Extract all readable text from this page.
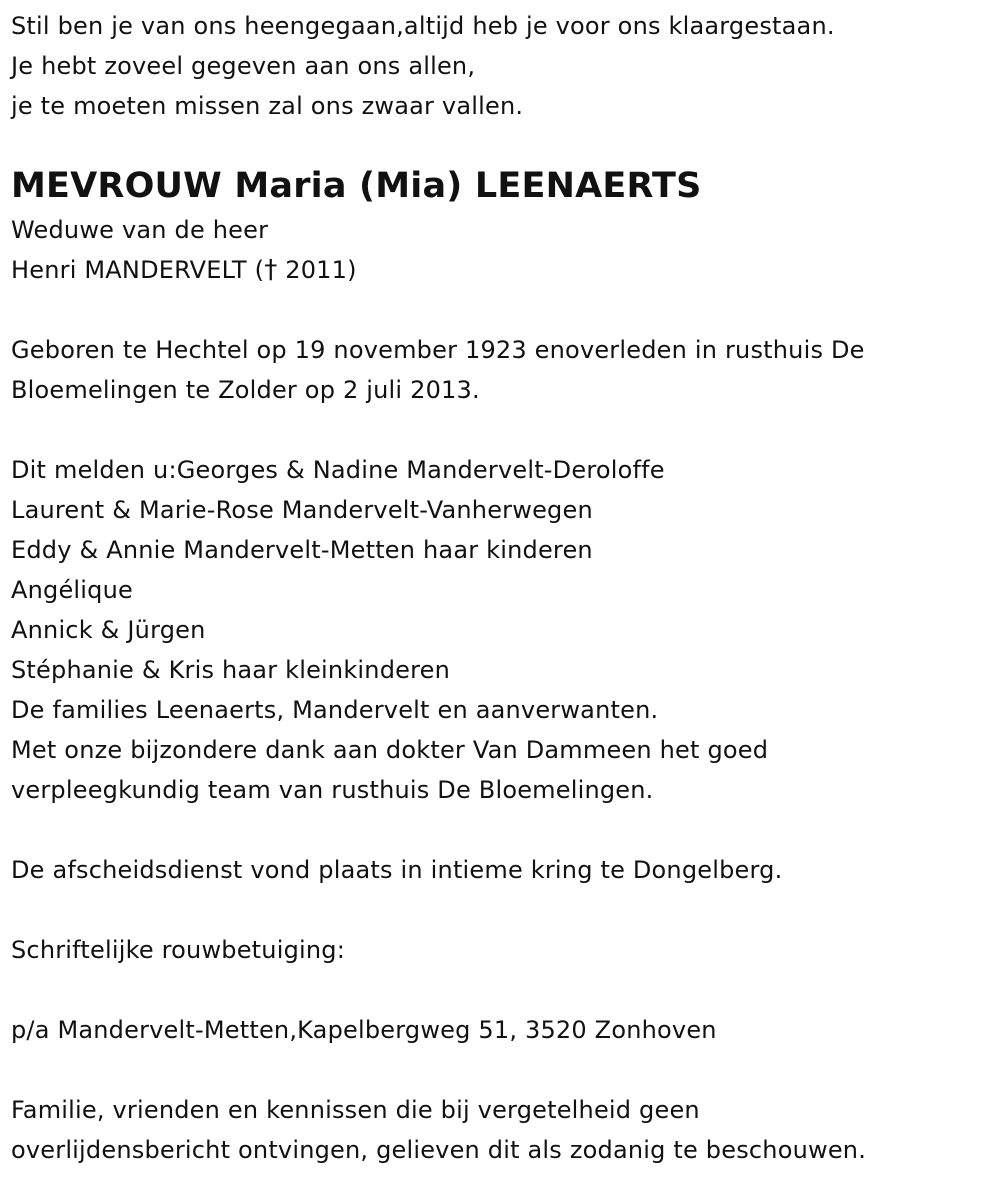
Stil ben je van ons heengegaan,altijd heb je voor ons klaargestaan.
Je hebt zoveel gegeven aan ons allen,
je te moeten missen zal ons zwaar vallen.
MEVROUW Maria (Mia) LEENAERTS
Weduwe van de heer
Henri MANDERVELT († 2011)
Geboren te Hechtel op 19 november 1923 enoverleden in rusthuis De
Bloemelingen te Zolder op 2 juli 2013.
Dit melden u:Georges & Nadine Mandervelt-Deroloffe
Laurent & Marie-Rose Mandervelt-Vanherwegen
Eddy & Annie Mandervelt-Metten haar kinderen
Angélique
Annick & Jürgen
Stéphanie & Kris haar kleinkinderen
De families Leenaerts, Mandervelt en aanverwanten.
Met onze bijzondere dank aan dokter Van Dammeen het goed
verpleegkundig team van rusthuis De Bloemelingen.
De afscheidsdienst vond plaats in intieme kring te Dongelberg.
Schriftelijke rouwbetuiging:
p/a Mandervelt-Metten,Kapelbergweg 51, 3520 Zonhoven
Familie, vrienden en kennissen die bij vergetelheid geen
overlijdensbericht ontvingen, gelieven dit als zodanig te beschouwen.
